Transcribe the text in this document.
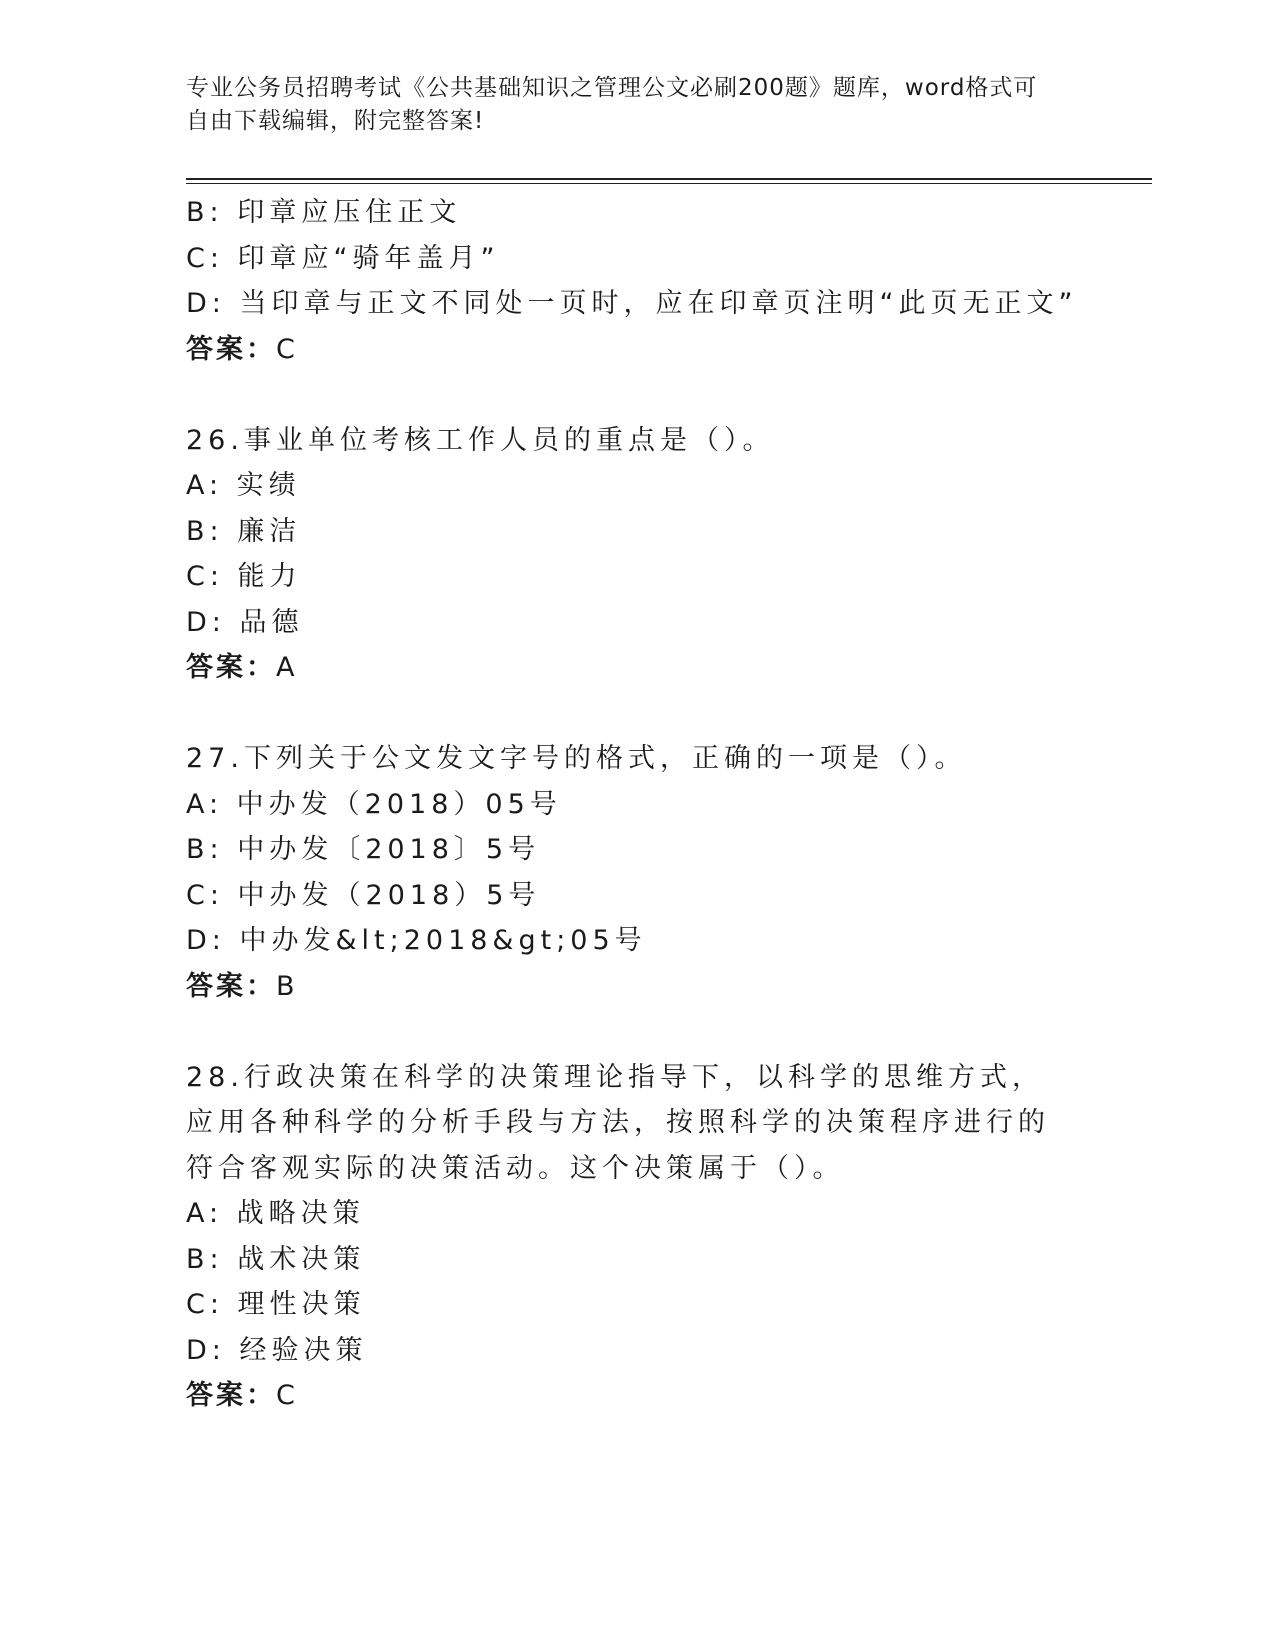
专业公务员招聘考试《公共基础知识之管理公文必刷200题》题库，word格式可
自由下载编辑，附完整答案!
B: 印章应压住正文
C: 印章应“骑年盖月”
D: 当印章与正文不同处一页时，应在印章页注明“此页无正文”
答案：C
26.事业单位考核工作人员的重点是（）。
A: 实绩
B: 廉洁
C: 能力
D: 品德
答案：A
27.下列关于公文发文字号的格式，正确的一项是（）。
A: 中办发（2018）05号
B: 中办发〔2018〕5号
C: 中办发（2018）5号
D: 中办发&lt;2018&gt;05号
答案：B
28.行政决策在科学的决策理论指导下，以科学的思维方式，应用各种科学的分析手段与方法，按照科学的决策程序进行的符合客观实际的决策活动。这个决策属于（）。
A: 战略决策
B: 战术决策
C: 理性决策
D: 经验决策
答案：C
